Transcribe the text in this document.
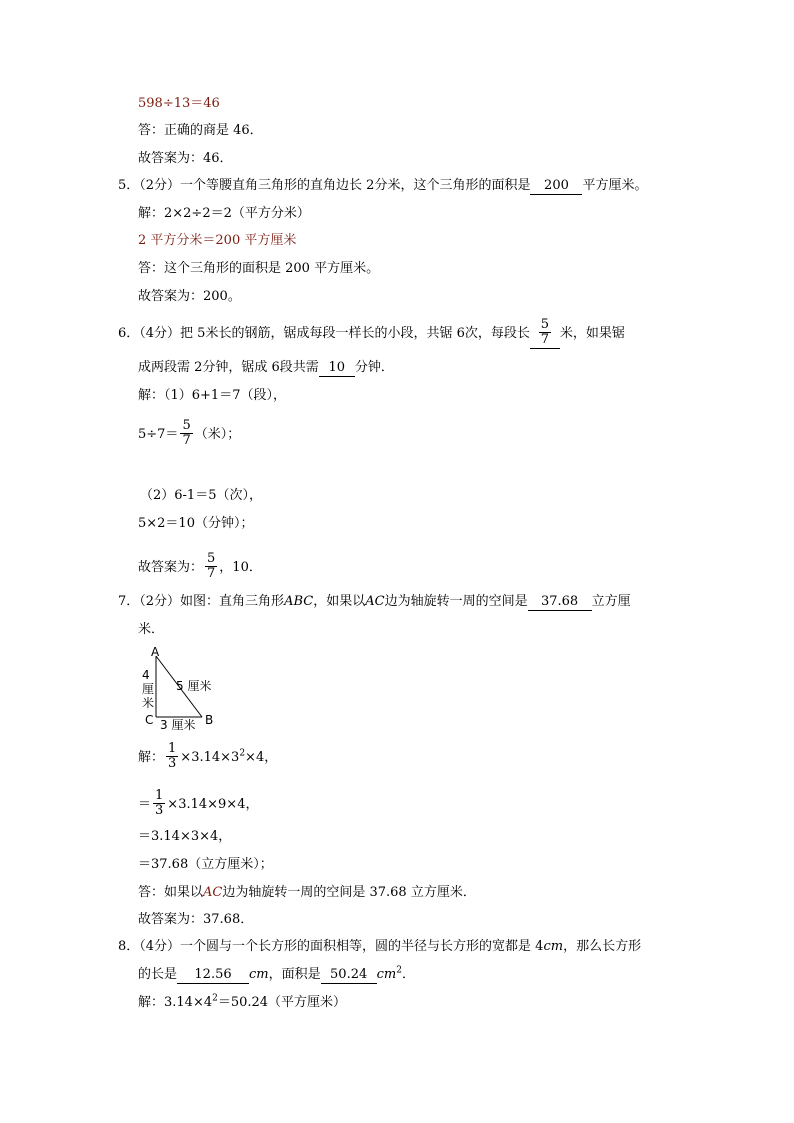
598÷13＝46
答：正确的商是 46．
故答案为：46．
5．（2分）一个等腰直角三角形的直角边长 2分米，这个三角形的面积是 200 平方厘米。
解：2×2÷2＝2（平方分米）
2 平方分米＝200 平方厘米
答：这个三角形的面积是 200 平方厘米。
故答案为：200。
6．（4分）把 5米长的钢筋，锯成每段一样长的小段，共锯 6次，每段长 $\frac{5}{7}$ 米，如果锯
成两段需 2分钟，锯成 6段共需 10 分钟．
解：（1）6+1＝7（段），
$5\div 7= \frac{5}{7}$ （米）；
（2）6-1＝5（次），
5×2＝10（分钟）；
故答案为： $\frac{5}{7}$ ，10．
7．（2分）如图：直角三角形ABC，如果以AC边为轴旋转一周的空间是 37.68 立方厘
米．
A
B
C
4
厘
米
5 厘米
3 厘米
解： $\frac{1}{3} \times 3.14\times 3^2\times 4$，
＝ $\frac{1}{3} \times 3.14\times 9\times 4$，
＝3.14×3×4，
＝37.68（立方厘米）；
答：如果以AC边为轴旋转一周的空间是 37.68 立方厘米．
故答案为：37.68．
8．（4分）一个圆与一个长方形的面积相等，圆的半径与长方形的宽都是 4cm，那么长方形
的长是 12.56 cm，面积是 50.24 $cm^2$．
解：$3.14\times 4^2=50.24$（平方厘米）
